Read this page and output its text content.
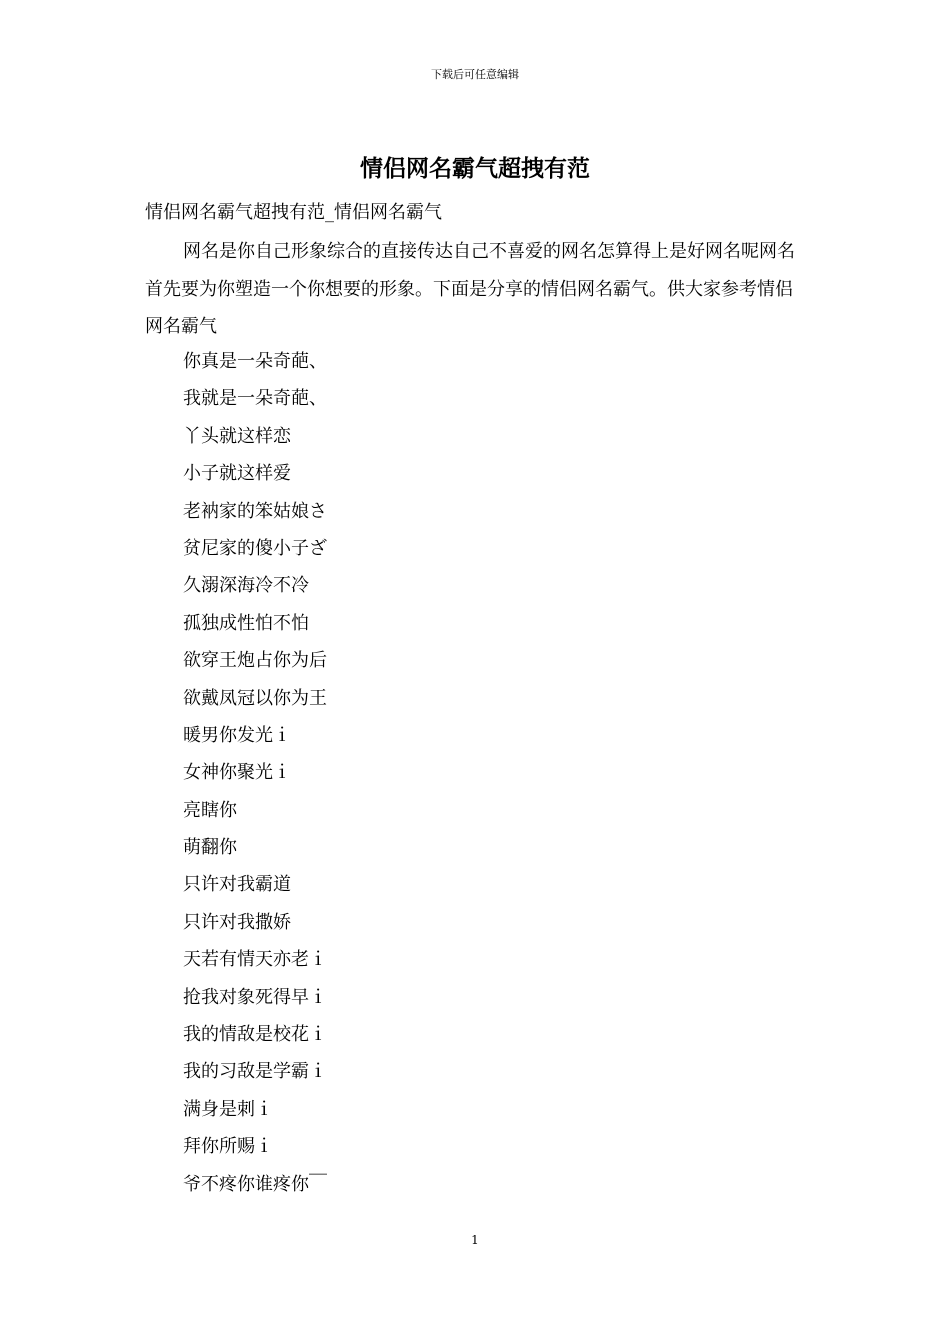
下载后可任意编辑
情侣网名霸气超拽有范
情侣网名霸气超拽有范_情侣网名霸气

网名是你自己形象综合的直接传达自己不喜爱的网名怎算得上是好网名呢网名首先要为你塑造一个你想要的形象。下面是分享的情侣网名霸气。供大家参考情侣网名霸气

你真是一朵奇葩、
我就是一朵奇葩、
丫头就这样恋
小子就这样爱
老衲家的笨姑娘さ
贫尼家的傻小子ざ
久溺深海冷不冷
孤独成性怕不怕
欲穿王炮占你为后
欲戴凤冠以你为王
暖男你发光ｉ
女神你聚光ｉ
亮瞎你
萌翻你
只许对我霸道
只许对我撒娇
天若有情天亦老ｉ
抢我对象死得早ｉ
我的情敌是校花ｉ
我的习敌是学霸ｉ
满身是刺ｉ
拜你所赐ｉ
爷不疼你谁疼你￣
1
